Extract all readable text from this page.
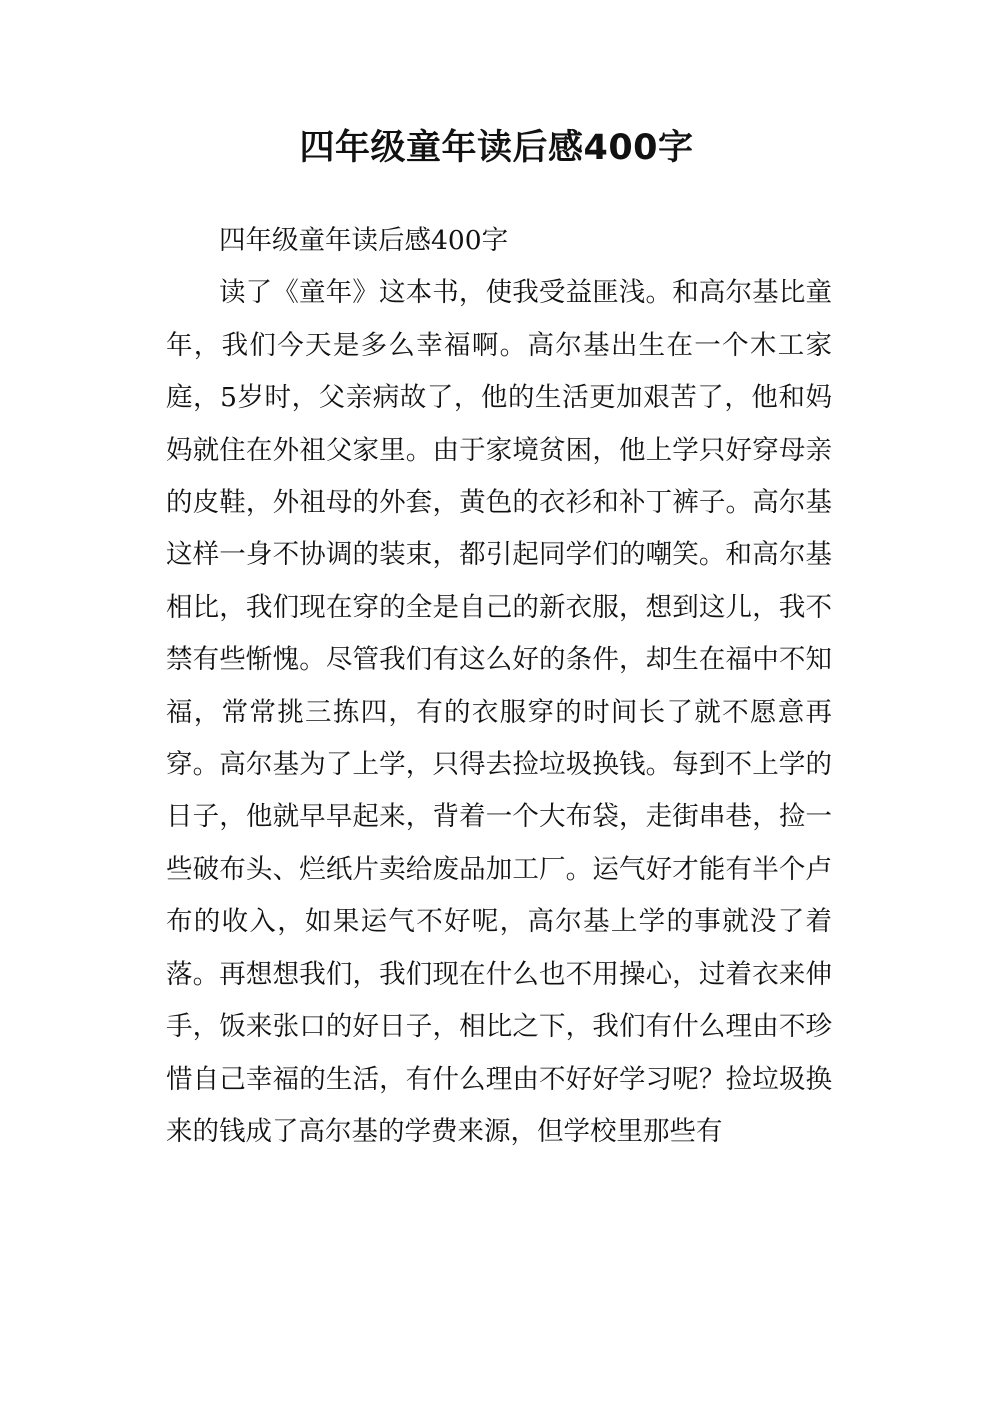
四年级童年读后感400字

四年级童年读后感400字

读了《童年》这本书，使我受益匪浅。和高尔基比童年，我们今天是多么幸福啊。高尔基出生在一个木工家庭，5岁时，父亲病故了，他的生活更加艰苦了，他和妈妈就住在外祖父家里。由于家境贫困，他上学只好穿母亲的皮鞋，外祖母的外套，黄色的衣衫和补丁裤子。高尔基这样一身不协调的装束，都引起同学们的嘲笑。和高尔基相比，我们现在穿的全是自己的新衣服，想到这儿，我不禁有些惭愧。尽管我们有这么好的条件，却生在福中不知福，常常挑三拣四，有的衣服穿的时间长了就不愿意再穿。高尔基为了上学，只得去捡垃圾换钱。每到不上学的日子，他就早早起来，背着一个大布袋，走街串巷，捡一些破布头、烂纸片卖给废品加工厂。运气好才能有半个卢布的收入，如果运气不好呢，高尔基上学的事就没了着落。再想想我们，我们现在什么也不用操心，过着衣来伸手，饭来张口的好日子，相比之下，我们有什么理由不珍惜自己幸福的生活，有什么理由不好好学习呢？捡垃圾换来的钱成了高尔基的学费来源，但学校里那些有
